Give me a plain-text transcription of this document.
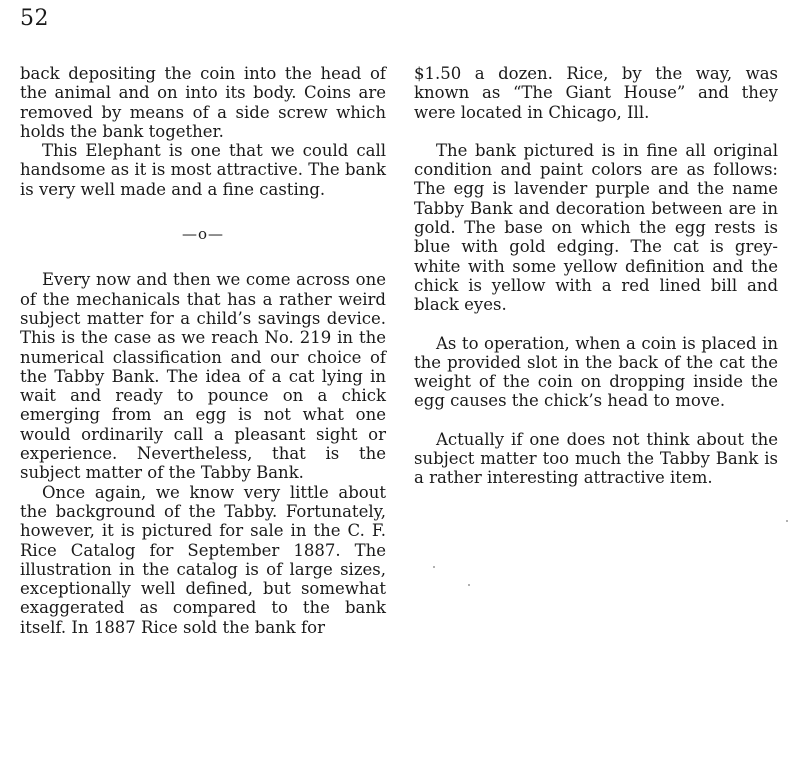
52

back depositing the coin into the head of the animal and on into its body. Coins are removed by means of a side screw which holds the bank together.

This Elephant is one that we could call handsome as it is most attractive. The bank is very well made and a fine casting.

—o—

Every now and then we come across one of the mechanicals that has a rather weird subject matter for a child’s savings device. This is the case as we reach No. 219 in the numerical classification and our choice of the Tabby Bank. The idea of a cat lying in wait and ready to pounce on a chick emerging from an egg is not what one would ordinarily call a pleasant sight or experience. Nevertheless, that is the subject matter of the Tabby Bank.

Once again, we know very little about the background of the Tabby. Fortunately, however, it is pictured for sale in the C. F. Rice Catalog for September 1887. The illustration in the catalog is of large sizes, exceptionally well defined, but somewhat exaggerated as compared to the bank itself. In 1887 Rice sold the bank for

$1.50 a dozen. Rice, by the way, was known as “The Giant House” and they were located in Chicago, Ill.

The bank pictured is in fine all original condition and paint colors are as follows: The egg is lavender purple and the name Tabby Bank and decoration between are in gold. The base on which the egg rests is blue with gold edging. The cat is grey-white with some yellow definition and the chick is yellow with a red lined bill and black eyes.

As to operation, when a coin is placed in the provided slot in the back of the cat the weight of the coin on dropping inside the egg causes the chick’s head to move.

Actually if one does not think about the subject matter too much the Tabby Bank is a rather interesting attractive item.
